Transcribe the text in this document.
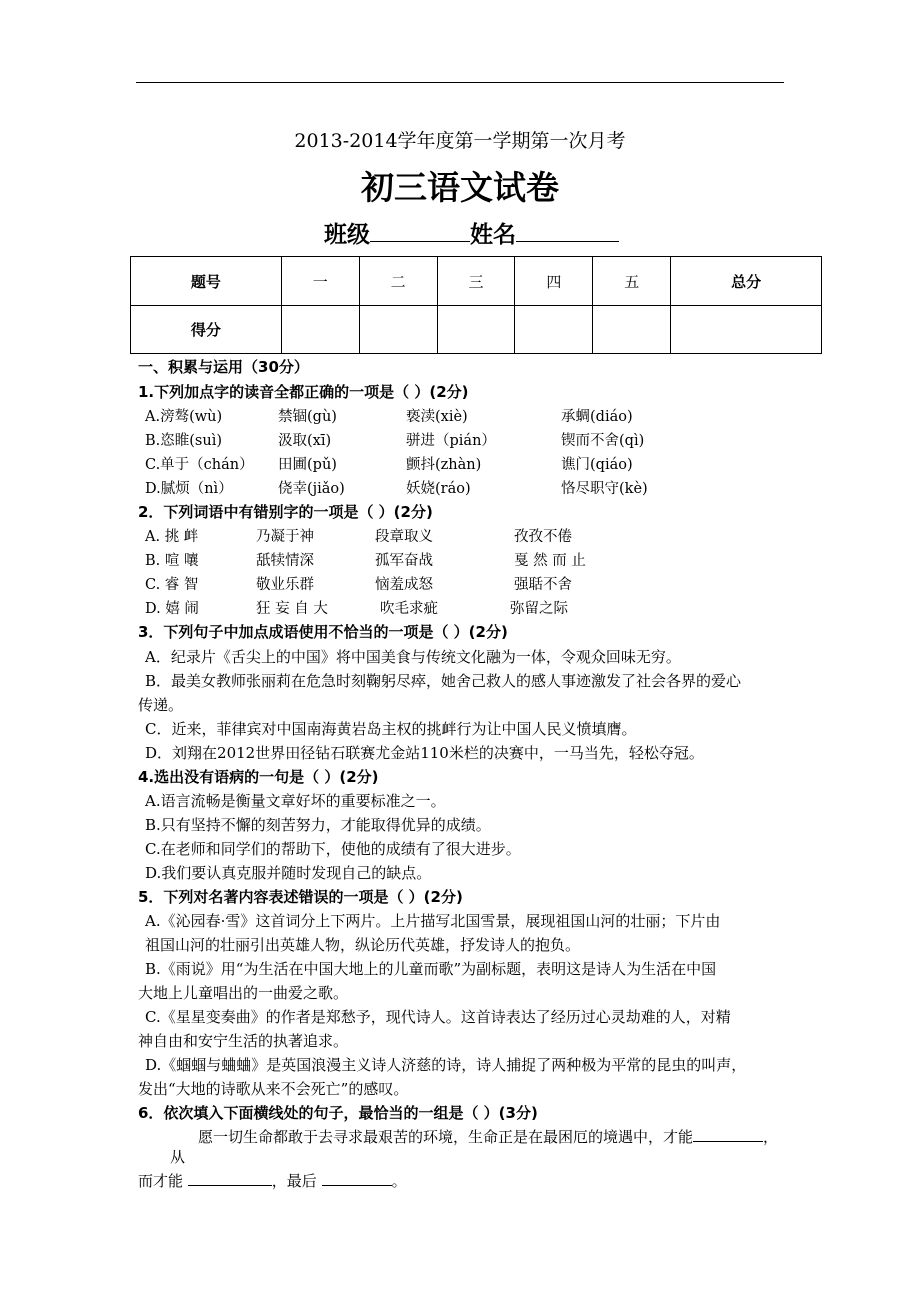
2013-2014学年度第一学期第一次月考
初三语文试卷
班级	姓名
题号	一	二	三	四	五	总分
得分						
一、积累与运用（30分）
1.下列加点字的读音全都正确的一项是（ ）(2分)
A.滂骜(wù)	禁锢(gù)	亵渎(xiè)	承蜩(diáo)
B.恣睢(suì)	汲取(xī)	骈进（pián）	锲而不舍(qì)
C.单于（chán） 田圃(pǔ)	颤抖(zhàn)	谯门(qiáo)
D.腻烦（nì）	侥幸(jiǎo)	妖娆(ráo)	恪尽职守(kè)
2．下列词语中有错别字的一项是（ ）(2分)
A. 挑 衅	乃凝于神	段章取义	孜孜不倦
B. 喧 嚷	舐犊情深	孤军奋战	戛 然 而 止
C. 睿 智	敬业乐群	恼羞成怒	强聒不舍
D. 嬉 闹	狂 妄 自 大	吹毛求疵	弥留之际
3．下列句子中加点成语使用不恰当的一项是（ ）(2分)
A．纪录片《舌尖上的中国》将中国美食与传统文化融为一体，令观众回味无穷。
B．最美女教师张丽莉在危急时刻鞠躬尽瘁，她舍己救人的感人事迹激发了社会各界的爱心
传递。
C．近来，菲律宾对中国南海黄岩岛主权的挑衅行为让中国人民义愤填膺。
D．刘翔在2012世界田径钻石联赛尤金站110米栏的决赛中，一马当先，轻松夺冠。
4.选出没有语病的一句是（ ）(2分)
A.语言流畅是衡量文章好坏的重要标准之一。
B.只有坚持不懈的刻苦努力，才能取得优异的成绩。
C.在老师和同学们的帮助下，使他的成绩有了很大进步。
D.我们要认真克服并随时发现自己的缺点。
5．下列对名著内容表述错误的一项是（ ）(2分)
A.《沁园春·雪》这首词分上下两片。上片描写北国雪景，展现祖国山河的壮丽；下片由
祖国山河的壮丽引出英雄人物，纵论历代英雄，抒发诗人的抱负。
B.《雨说》用“为生活在中国大地上的儿童而歌”为副标题，表明这是诗人为生活在中国
大地上儿童唱出的一曲爱之歌。
C.《星星变奏曲》的作者是郑愁予，现代诗人。这首诗表达了经历过心灵劫难的人，对精
神自由和安宁生活的执著追求。
D.《蝈蝈与蛐蛐》是英国浪漫主义诗人济慈的诗，诗人捕捉了两种极为平常的昆虫的叫声，
发出“大地的诗歌从来不会死亡”的感叹。
6．依次填入下面横线处的句子，最恰当的一组是（ ）(3分)
愿一切生命都敢于去寻求最艰苦的环境，生命正是在最困厄的境遇中，才能	，
从
而才能	，最后	。
